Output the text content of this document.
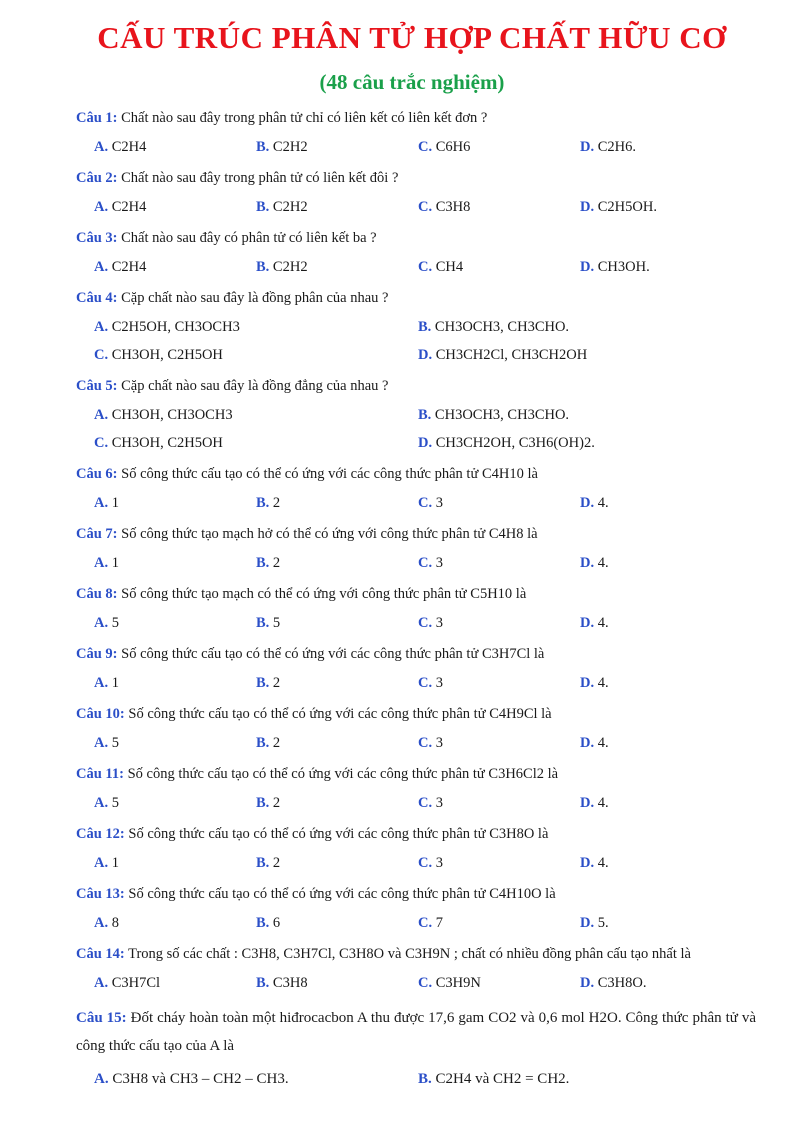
CẤU TRÚC PHÂN TỬ HỢP CHẤT HỮU CƠ
(48 câu trắc nghiệm)
Câu 1: Chất nào sau đây trong phân tử chỉ có liên kết có liên kết đơn ?
A. C2H4	B. C2H2	C. C6H6	D. C2H6.
Câu 2: Chất nào sau đây trong phân tử có liên kết đôi ?
A. C2H4	B. C2H2	C. C3H8	D. C2H5OH.
Câu 3: Chất nào sau đây có phân tử có liên kết ba ?
A. C2H4	B. C2H2	C. CH4	D. CH3OH.
Câu 4: Cặp chất nào sau đây là đồng phân của nhau ?
A. C2H5OH, CH3OCH3	B. CH3OCH3, CH3CHO.
C. CH3OH, C2H5OH	D. CH3CH2Cl, CH3CH2OH
Câu 5: Cặp chất nào sau đây là đồng đẳng của nhau ?
A. CH3OH, CH3OCH3	B. CH3OCH3, CH3CHO.
C. CH3OH, C2H5OH	D. CH3CH2OH, C3H6(OH)2.
Câu 6: Số công thức cấu tạo có thể có ứng với các công thức phân tử C4H10 là
A. 1	B. 2	C. 3	D. 4.
Câu 7: Số công thức tạo mạch hở có thể có ứng với công thức phân tử C4H8 là
A. 1	B. 2	C. 3	D. 4.
Câu 8: Số công thức tạo mạch có thể có ứng với công thức phân tử C5H10 là
A. 5	B. 5	C. 3	D. 4.
Câu 9: Số công thức cấu tạo có thể có ứng với các công thức phân tử C3H7Cl là
A. 1	B. 2	C. 3	D. 4.
Câu 10: Số công thức cấu tạo có thể có ứng với các công thức phân tử C4H9Cl là
A. 5	B. 2	C. 3	D. 4.
Câu 11: Số công thức cấu tạo có thể có ứng với các công thức phân tử C3H6Cl2 là
A. 5	B. 2	C. 3	D. 4.
Câu 12: Số công thức cấu tạo có thể có ứng với các công thức phân tử C3H8O là
A. 1	B. 2	C. 3	D. 4.
Câu 13: Số công thức cấu tạo có thể có ứng với các công thức phân tử C4H10O là
A. 8	B. 6	C. 7	D. 5.
Câu 14: Trong số các chất : C3H8, C3H7Cl, C3H8O và C3H9N ; chất có nhiều đồng phân cấu tạo nhất là
A. C3H7Cl	B. C3H8	C. C3H9N	D. C3H8O.
Câu 15: Đốt cháy hoàn toàn một hiđrocacbon A thu được 17,6 gam CO2 và 0,6 mol H2O. Công thức phân tử và công thức cấu tạo của A là
A. C3H8 và CH3 – CH2 – CH3.	B. C2H4 và CH2 = CH2.
